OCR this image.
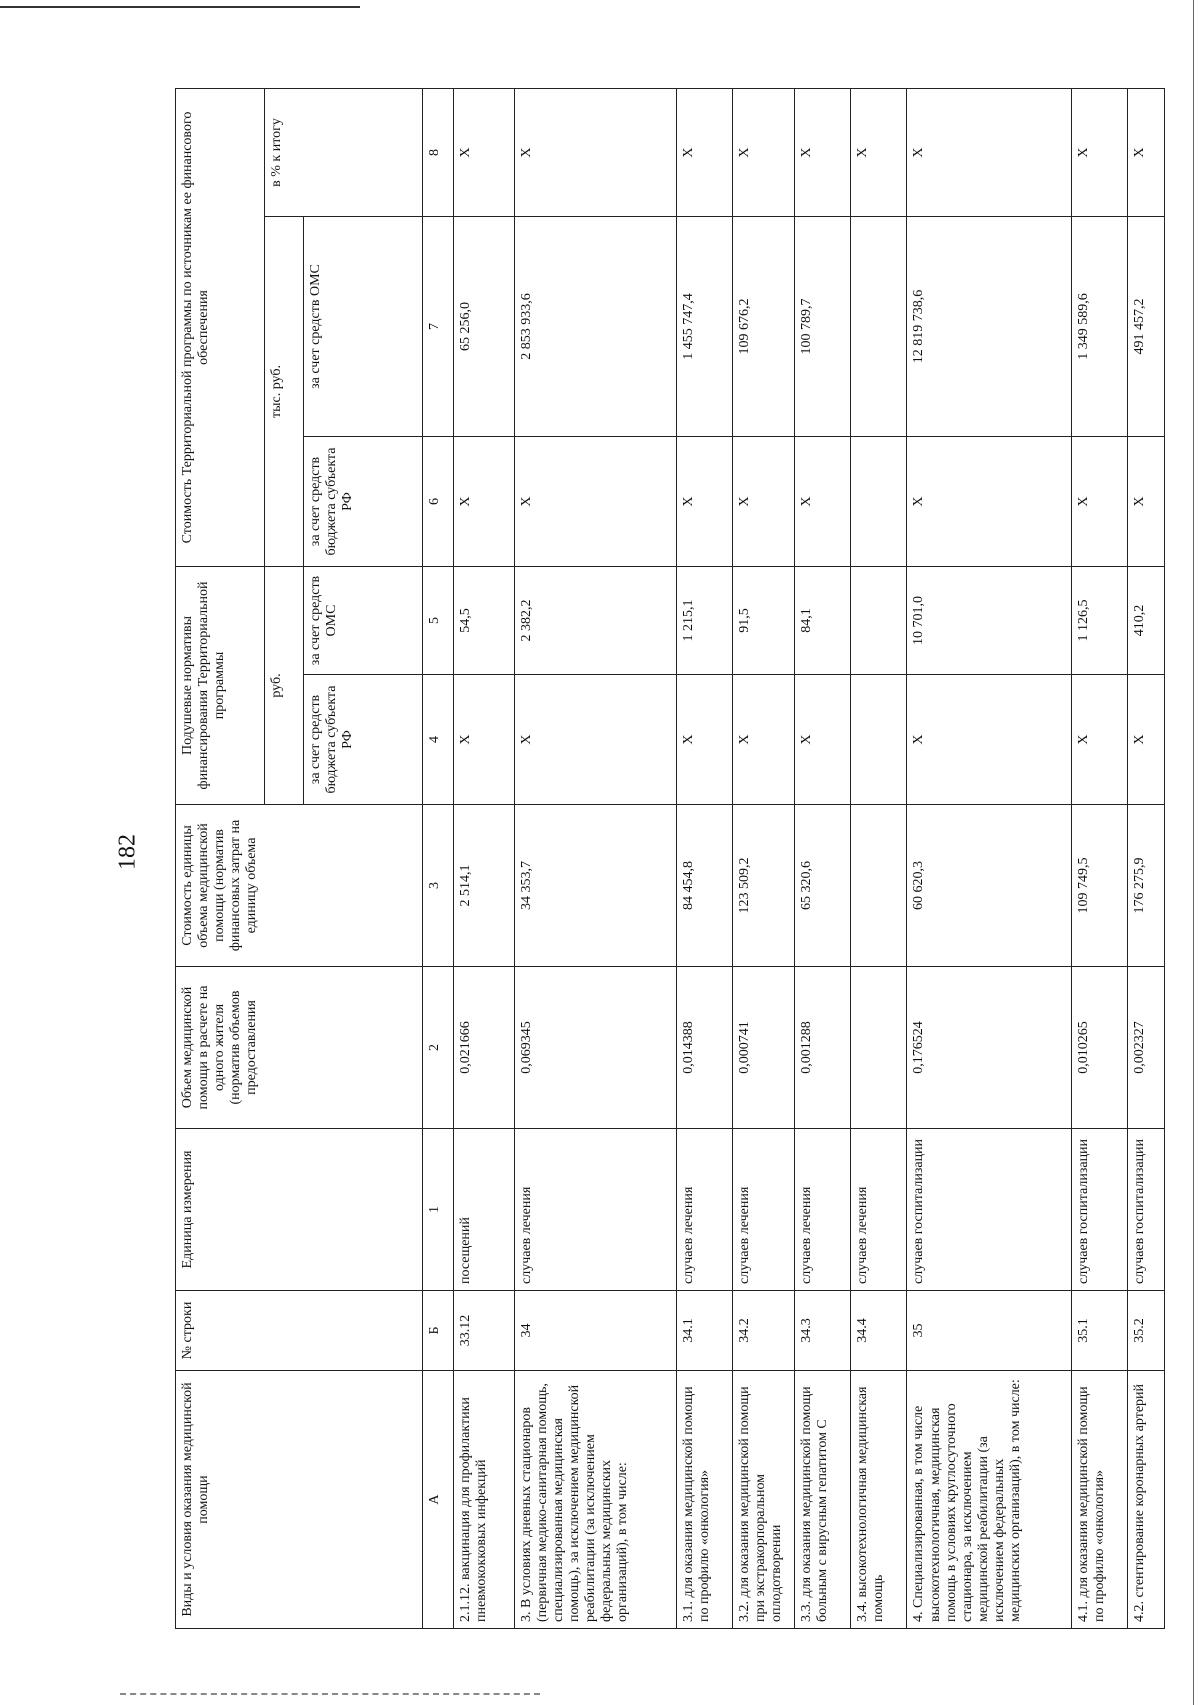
182
Виды и условия оказания медицинской помощи	№ строки	Единица измерения	Объем медицинской помощи в расчете на одного жителя (норматив объемов предоставления	Стоимость единицы объема медицинской помощи (норматив финансовых затрат на единицу объема	Подушевые нормативы финансирования Территориальной программы		Стоимость Территориальной программы по источникам ее финансового обеспечения		
					руб.		тыс. руб.		в % к итогу
					за счет средств бюджета субъекта РФ	за счет средств ОМС	за счет средств бюджета субъекта РФ	за счет средств ОМС	
А	Б	1	2	3	4	5	6	7	8
2.1.12. вакцинация для профилактики пневмококковых инфекций	33.12	посещений	0,021666	2 514,1	X	54,5	X	65 256,0	X
3. В условиях дневных стационаров (первичная медико-санитарная помощь, специализированная медицинская помощь), за исключением медицинской реабилитации (за исключением федеральных медицинских организаций), в том числе:	34	случаев лечения	0,069345	34 353,7	X	2 382,2	X	2 853 933,6	X
3.1. для оказания медицинской помощи по профилю «онкология»	34.1	случаев лечения	0,014388	84 454,8	X	1 215,1	X	1 455 747,4	X
3.2. для оказания медицинской помощи при экстракорпоральном оплодотворении	34.2	случаев лечения	0,000741	123 509,2	X	91,5	X	109 676,2	X
3.3. для оказания медицинской помощи больным с вирусным гепатитом С	34.3	случаев лечения	0,001288	65 320,6	X	84,1	X	100 789,7	X
3.4. высокотехнологичная медицинская помощь	34.4	случаев лечения							X
4. Специализированная, в том числе высокотехнологичная, медицинская помощь в условиях круглосуточного стационара, за исключением медицинской реабилитации (за исключением федеральных медицинских организаций), в том числе:	35	случаев госпитализации	0,176524	60 620,3	X	10 701,0	X	12 819 738,6	X
4.1. для оказания медицинской помощи по профилю «онкология»	35.1	случаев госпитализации	0,010265	109 749,5	X	1 126,5	X	1 349 589,6	X
4.2. стентирование коронарных артерий	35.2	случаев госпитализации	0,002327	176 275,9	X	410,2	X	491 457,2	X
